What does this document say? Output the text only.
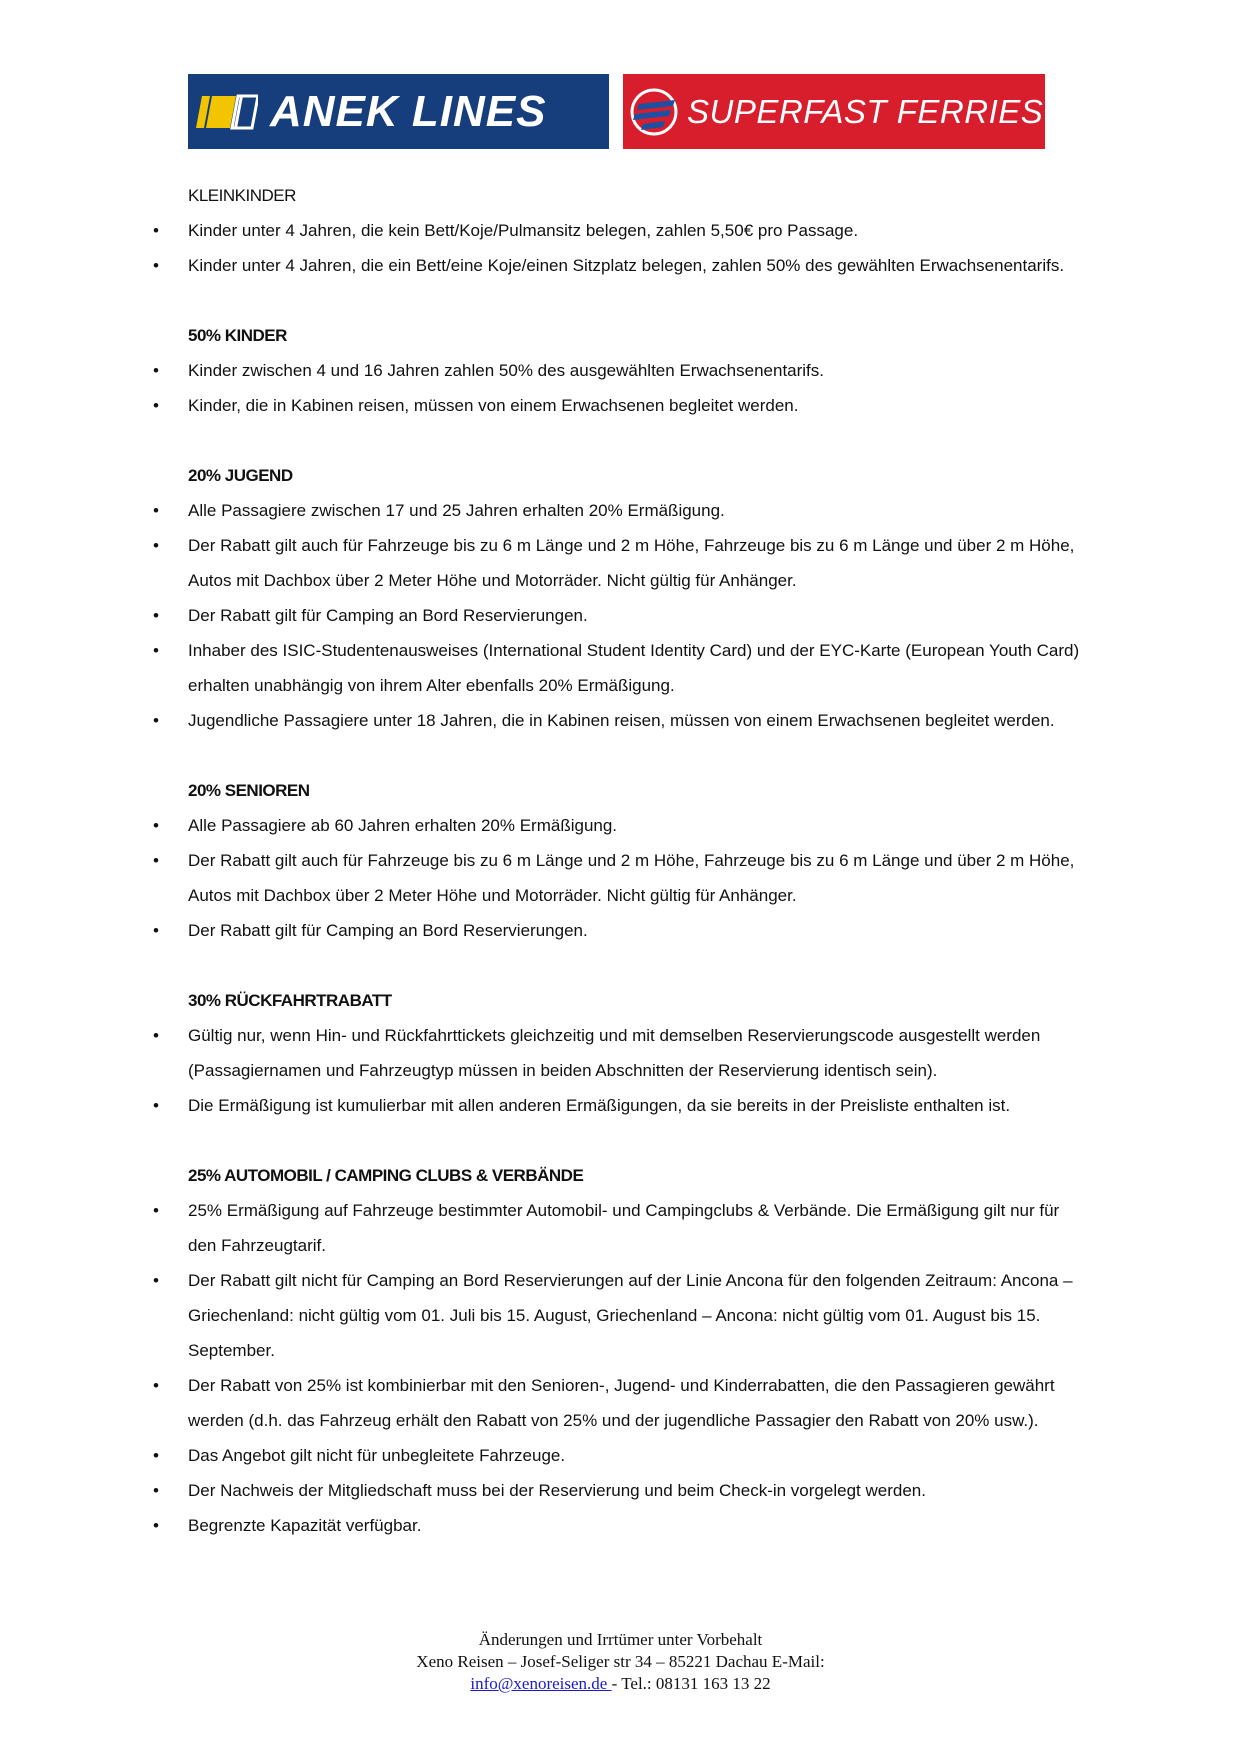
ANEK LINES	SUPERFAST FERRIES
KLEINKINDER
• Kinder unter 4 Jahren, die kein Bett/Koje/Pulmansitz belegen, zahlen 5,50€ pro Passage.
• Kinder unter 4 Jahren, die ein Bett/eine Koje/einen Sitzplatz belegen, zahlen 50% des gewählten Erwachsenentarifs.
50% KINDER
• Kinder zwischen 4 und 16 Jahren zahlen 50% des ausgewählten Erwachsenentarifs.
• Kinder, die in Kabinen reisen, müssen von einem Erwachsenen begleitet werden.
20% JUGEND
• Alle Passagiere zwischen 17 und 25 Jahren erhalten 20% Ermäßigung.
• Der Rabatt gilt auch für Fahrzeuge bis zu 6 m Länge und 2 m Höhe, Fahrzeuge bis zu 6 m Länge und über 2 m Höhe, Autos mit Dachbox über 2 Meter Höhe und Motorräder. Nicht gültig für Anhänger.
• Der Rabatt gilt für Camping an Bord Reservierungen.
• Inhaber des ISIC-Studentenausweises (International Student Identity Card) und der EYC-Karte (European Youth Card) erhalten unabhängig von ihrem Alter ebenfalls 20% Ermäßigung.
• Jugendliche Passagiere unter 18 Jahren, die in Kabinen reisen, müssen von einem Erwachsenen begleitet werden.
20% SENIOREN
• Alle Passagiere ab 60 Jahren erhalten 20% Ermäßigung.
• Der Rabatt gilt auch für Fahrzeuge bis zu 6 m Länge und 2 m Höhe, Fahrzeuge bis zu 6 m Länge und über 2 m Höhe, Autos mit Dachbox über 2 Meter Höhe und Motorräder. Nicht gültig für Anhänger.
• Der Rabatt gilt für Camping an Bord Reservierungen.
30% RÜCKFAHRTRABATT
• Gültig nur, wenn Hin- und Rückfahrttickets gleichzeitig und mit demselben Reservierungscode ausgestellt werden (Passagiernamen und Fahrzeugtyp müssen in beiden Abschnitten der Reservierung identisch sein).
• Die Ermäßigung ist kumulierbar mit allen anderen Ermäßigungen, da sie bereits in der Preisliste enthalten ist.
25% AUTOMOBIL / CAMPING CLUBS & VERBÄNDE
• 25% Ermäßigung auf Fahrzeuge bestimmter Automobil- und Campingclubs & Verbände. Die Ermäßigung gilt nur für den Fahrzeugtarif.
• Der Rabatt gilt nicht für Camping an Bord Reservierungen auf der Linie Ancona für den folgenden Zeitraum: Ancona – Griechenland: nicht gültig vom 01. Juli bis 15. August, Griechenland – Ancona: nicht gültig vom 01. August bis 15. September.
• Der Rabatt von 25% ist kombinierbar mit den Senioren-, Jugend- und Kinderrabatten, die den Passagieren gewährt werden (d.h. das Fahrzeug erhält den Rabatt von 25% und der jugendliche Passagier den Rabatt von 20% usw.).
• Das Angebot gilt nicht für unbegleitete Fahrzeuge.
• Der Nachweis der Mitgliedschaft muss bei der Reservierung und beim Check-in vorgelegt werden.
• Begrenzte Kapazität verfügbar.
Änderungen und Irrtümer unter Vorbehalt
Xeno Reisen – Josef-Seliger str 34 – 85221 Dachau E-Mail:
info@xenoreisen.de - Tel.: 08131 163 13 22
